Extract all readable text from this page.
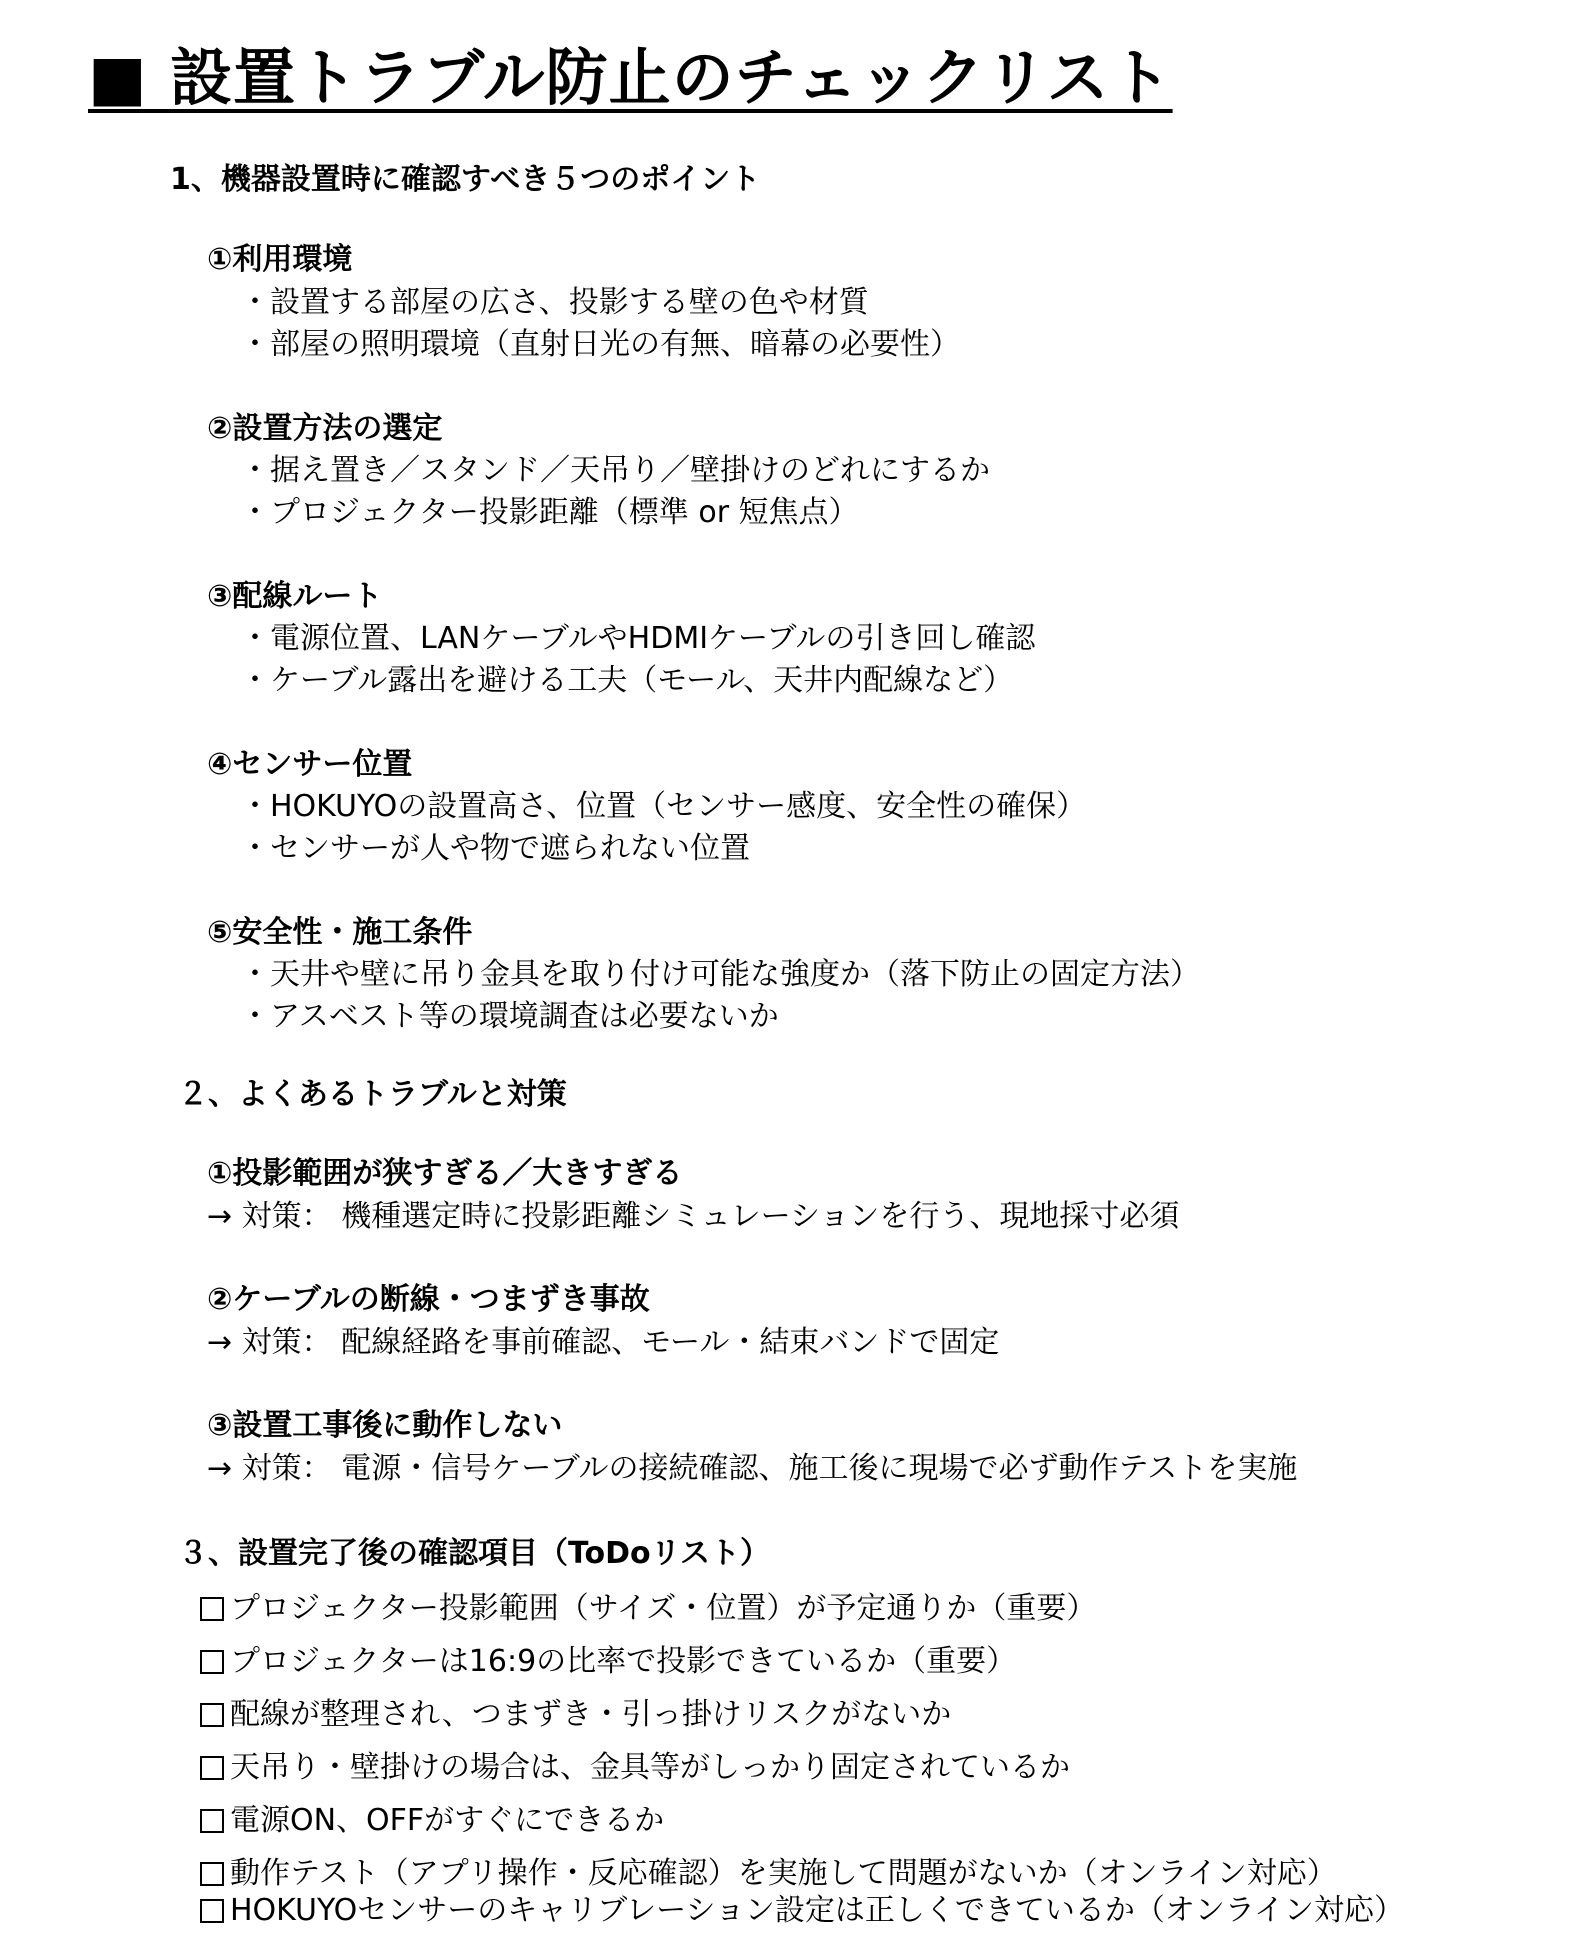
■ 設置トラブル防止のチェックリスト
1、機器設置時に確認すべき５つのポイント
①利用環境
・設置する部屋の広さ、投影する壁の色や材質
・部屋の照明環境（直射日光の有無、暗幕の必要性）
②設置方法の選定
・据え置き／スタンド／天吊り／壁掛けのどれにするか
・プロジェクター投影距離（標準 or 短焦点）
③配線ルート
・電源位置、LANケーブルやHDMIケーブルの引き回し確認
・ケーブル露出を避ける工夫（モール、天井内配線など）
④センサー位置
・HOKUYOの設置高さ、位置（センサー感度、安全性の確保）
・センサーが人や物で遮られない位置
⑤安全性・施工条件
・天井や壁に吊り金具を取り付け可能な強度か（落下防止の固定方法）
・アスベスト等の環境調査は必要ないか
２、よくあるトラブルと対策
①投影範囲が狭すぎる／大きすぎる
→ 対策： 機種選定時に投影距離シミュレーションを行う、現地採寸必須
②ケーブルの断線・つまずき事故
→ 対策： 配線経路を事前確認、モール・結束バンドで固定
③設置工事後に動作しない
→ 対策： 電源・信号ケーブルの接続確認、施工後に現場で必ず動作テストを実施
３、設置完了後の確認項目（ToDoリスト）
プロジェクター投影範囲（サイズ・位置）が予定通りか（重要）
プロジェクターは16:9の比率で投影できているか（重要）
配線が整理され、つまずき・引っ掛けリスクがないか
天吊り・壁掛けの場合は、金具等がしっかり固定されているか
電源ON、OFFがすぐにできるか
動作テスト（アプリ操作・反応確認）を実施して問題がないか（オンライン対応）
HOKUYOセンサーのキャリブレーション設定は正しくできているか（オンライン対応）
